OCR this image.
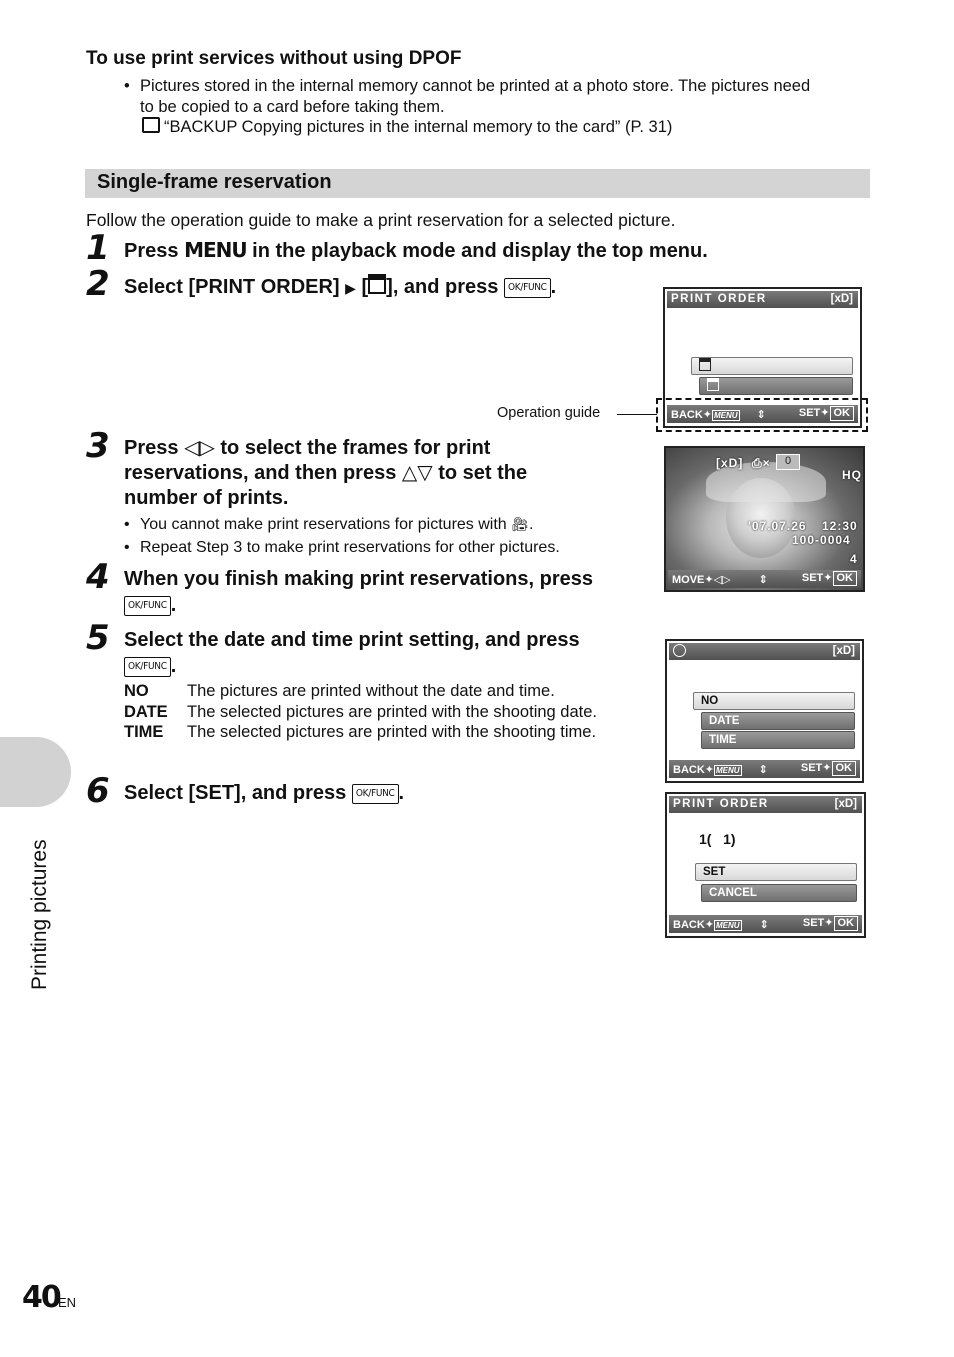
To use print services without using DPOF
• Pictures stored in the internal memory cannot be printed at a photo store. The pictures need
to be copied to a card before taking them.
“BACKUP Copying pictures in the internal memory to the card” (P. 31)
Single-frame reservation
Follow the operation guide to make a print reservation for a selected picture.
1 Press MENU in the playback mode and display the top menu.
2 Select [PRINT ORDER] ▶ [ ], and press OK/FUNC .
PRINT ORDER	[xD]
BACK✦ MENU ⇕	SET✦ OK
Operation guide
3 Press ◁▷ to select the frames for print
reservations, and then press △▽ to set the
number of prints.
• You cannot make print reservations for pictures with 🎥︎.
• Repeat Step 3 to make print reservations for other pictures.
[xD] ⎙×	0
HQ
'07.07.26 12:30
100-0004
4
MOVE✦◁▷	⇕	SET✦ OK
4 When you finish making print reservations, press
OK/FUNC .
5 Select the date and time print setting, and press
OK/FUNC .
NO The pictures are printed without the date and time.
DATE The selected pictures are printed with the shooting date.
TIME The selected pictures are printed with the shooting time.
[xD]
NO
DATE
TIME
BACK✦ MENU ⇕	SET✦ OK
6 Select [SET], and press OK/FUNC .	PRINT ORDER	[xD]
1(   1)
SET
CANCEL
BACK✦ MENU ⇕	SET✦ OK
Printing pictures
40
EN
